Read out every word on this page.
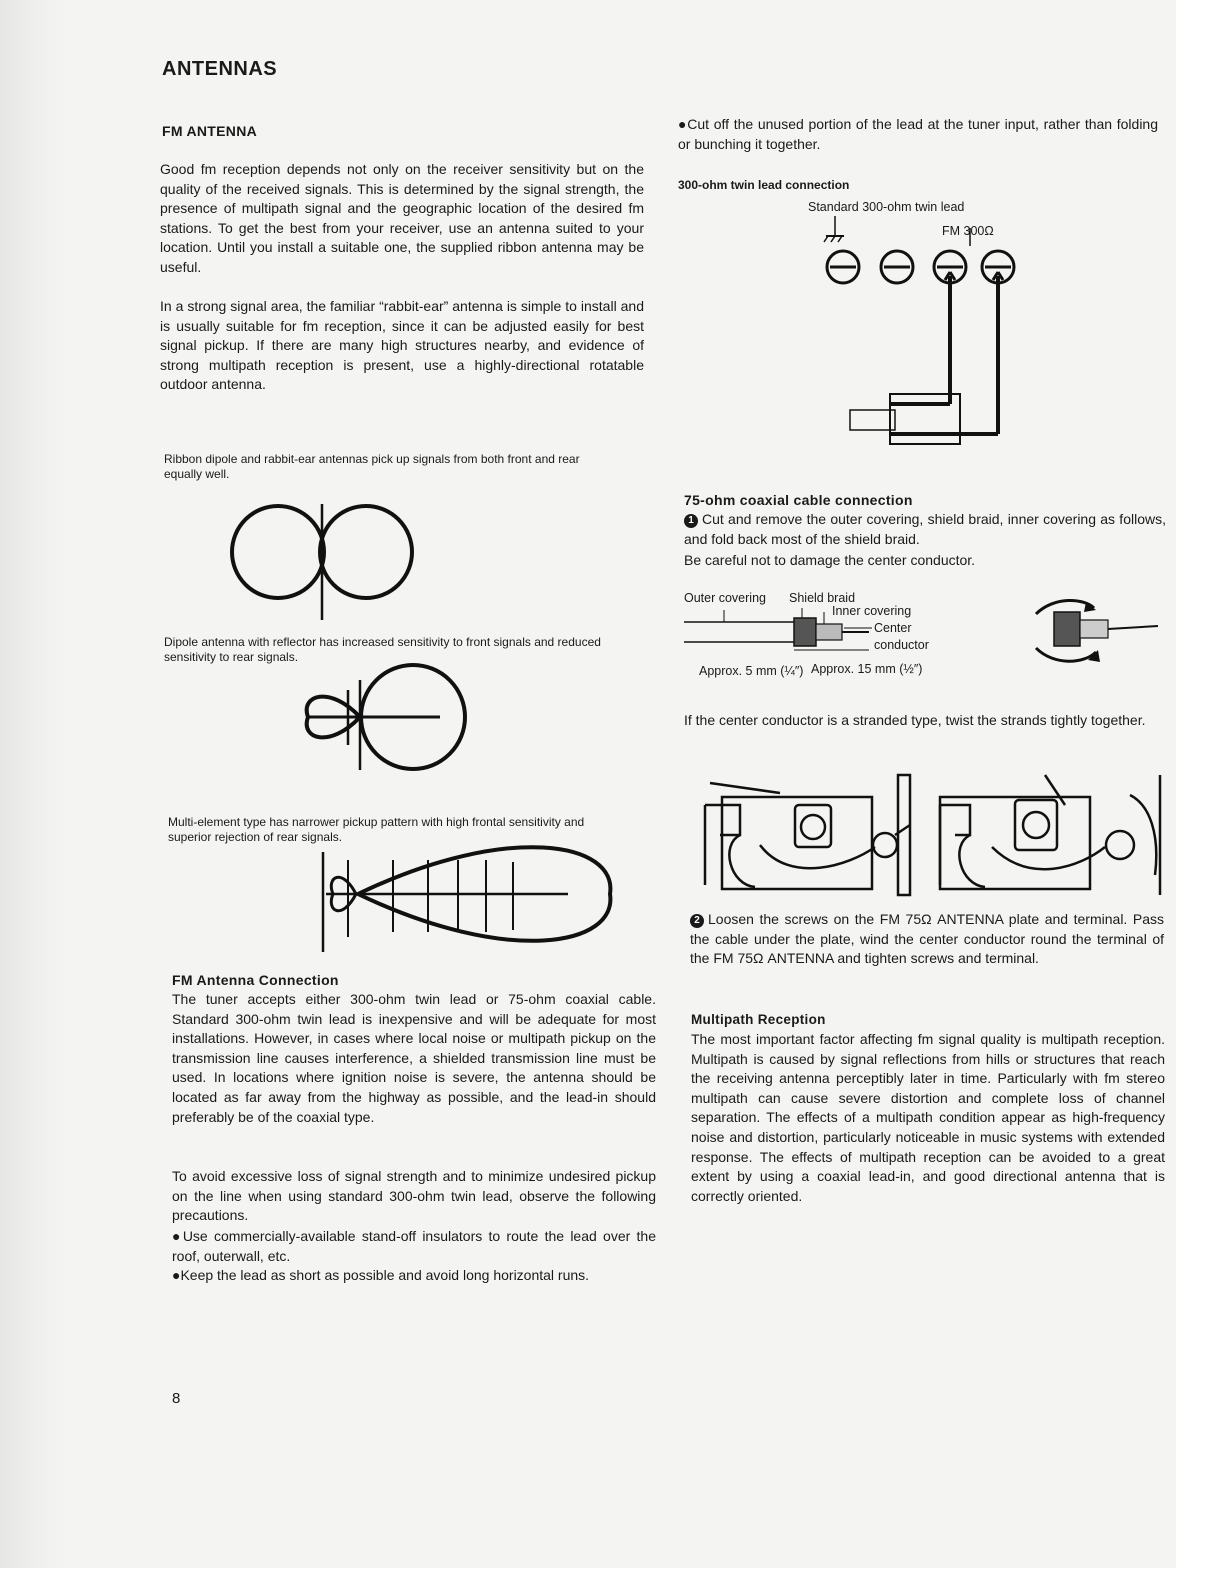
ANTENNAS
FM ANTENNA

Good fm reception depends not only on the receiver sensitivity but on the quality of the received signals. This is determined by the signal strength, the presence of multipath signal and the geographic location of the desired fm stations. To get the best from your receiver, use an antenna suited to your location. Until you install a suitable one, the supplied ribbon antenna may be useful.

In a strong signal area, the familiar “rabbit-ear” antenna is simple to install and is usually suitable for fm reception, since it can be adjusted easily for best signal pickup. If there are many high structures nearby, and evidence of strong multipath reception is present, use a highly-directional rotatable outdoor antenna.

Ribbon dipole and rabbit-ear antennas pick up signals from both front and rear equally well.

Dipole antenna with reflector has increased sensitivity to front signals and reduced sensitivity to rear signals.

Multi-element type has narrower pickup pattern with high frontal sensitivity and superior rejection of rear signals.

FM Antenna Connection

The tuner accepts either 300-ohm twin lead or 75-ohm coaxial cable. Standard 300-ohm twin lead is inexpensive and will be adequate for most installations. However, in cases where local noise or multipath pickup on the transmission line causes interference, a shielded transmission line must be used. In locations where ignition noise is severe, the antenna should be located as far away from the highway as possible, and the lead-in should preferably be of the coaxial type.

To avoid excessive loss of signal strength and to minimize undesired pickup on the line when using standard 300-ohm twin lead, observe the following precautions.

●Use commercially-available stand-off insulators to route the lead over the roof, outerwall, etc.

●Keep the lead as short as possible and avoid long horizontal runs.

8

●Cut off the unused portion of the lead at the tuner input, rather than folding or bunching it together.

300-ohm twin lead connection
Standard 300-ohm twin lead
FM 300Ω
75-ohm coaxial cable connection

1 Cut and remove the outer covering, shield braid, inner covering as follows, and fold back most of the shield braid.

Be careful not to damage the center conductor.

Outer covering Shield braid
Inner covering
Center
conductor
Approx. 5 mm (¼″) Approx. 15 mm (½″)

If the center conductor is a stranded type, twist the strands tightly together.

2 Loosen the screws on the FM 75Ω ANTENNA plate and terminal. Pass the cable under the plate, wind the center conductor round the terminal of the FM 75Ω ANTENNA and tighten screws and terminal.

Multipath Reception

The most important factor affecting fm signal quality is multipath reception. Multipath is caused by signal reflections from hills or structures that reach the receiving antenna perceptibly later in time. Particularly with fm stereo multipath can cause severe distortion and complete loss of channel separation. The effects of a multipath condition appear as high-frequency noise and distortion, particularly noticeable in music systems with extended response. The effects of multipath reception can be avoided to a great extent by using a coaxial lead-in, and good directional antenna that is correctly oriented.
